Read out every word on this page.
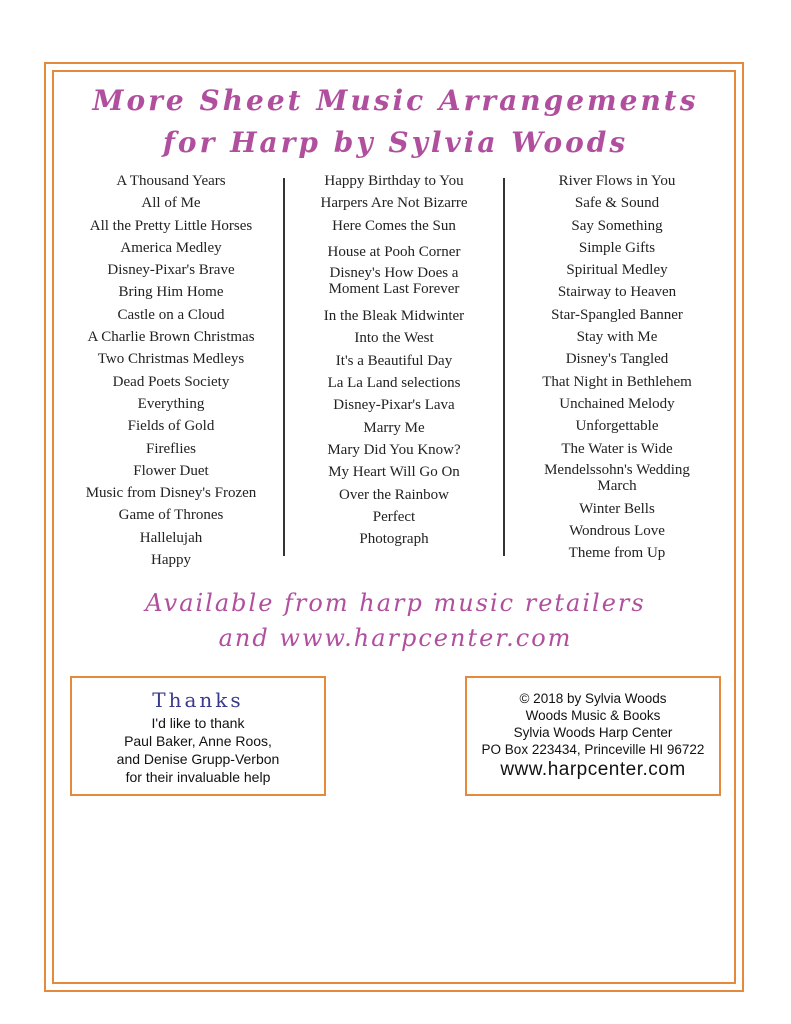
More Sheet Music Arrangements
for Harp by Sylvia Woods
A Thousand Years
All of Me
All the Pretty Little Horses
America Medley
Disney-Pixar's Brave
Bring Him Home
Castle on a Cloud
A Charlie Brown Christmas
Two Christmas Medleys
Dead Poets Society
Everything
Fields of Gold
Fireflies
Flower Duet
Music from Disney's Frozen
Game of Thrones
Hallelujah
Happy
Happy Birthday to You
Harpers Are Not Bizarre
Here Comes the Sun
House at Pooh Corner
Disney's How Does a Moment Last Forever
In the Bleak Midwinter
Into the West
It's a Beautiful Day
La La Land selections
Disney-Pixar's Lava
Marry Me
Mary Did You Know?
My Heart Will Go On
Over the Rainbow
Perfect
Photograph
River Flows in You
Safe & Sound
Say Something
Simple Gifts
Spiritual Medley
Stairway to Heaven
Star-Spangled Banner
Stay with Me
Disney's Tangled
That Night in Bethlehem
Unchained Melody
Unforgettable
The Water is Wide
Mendelssohn's Wedding March
Winter Bells
Wondrous Love
Theme from Up
Available from harp music retailers
and www.harpcenter.com
Thanks
I'd like to thank
Paul Baker, Anne Roos,
and Denise Grupp-Verbon
for their invaluable help
© 2018 by Sylvia Woods
Woods Music & Books
Sylvia Woods Harp Center
PO Box 223434, Princeville HI 96722
www.harpcenter.com
